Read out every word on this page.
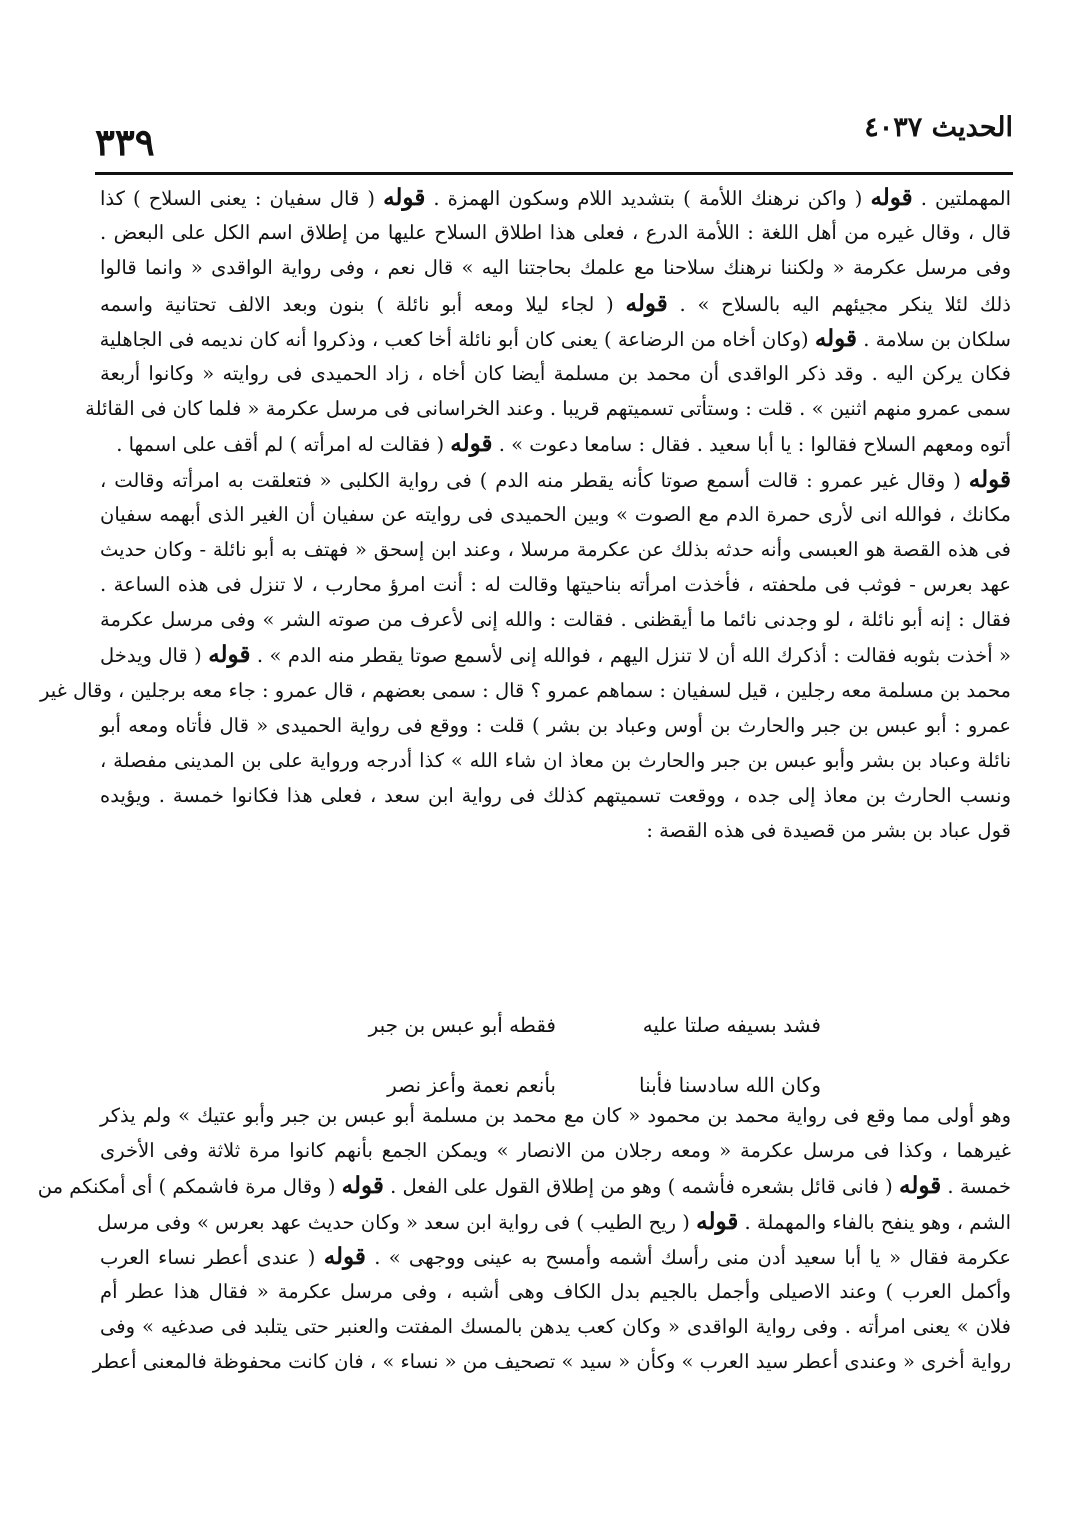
الحديث ٤٠٣٧
٣٣٩
المهملتين . قوله ( واكن نرهنك اللأمة ) بتشديد اللام وسكون الهمزة . قوله ( قال سفيان : يعنى السلاح ) كذا
قال ، وقال غيره من أهل اللغة : اللأمة الدرع ، فعلى هذا اطلاق السلاح عليها من إطلاق اسم الكل على البعض .
وفى مرسل عكرمة « ولكننا نرهنك سلاحنا مع علمك بحاجتنا اليه » قال نعم ، وفى رواية الواقدى « وانما قالوا
ذلك لئلا ينكر مجيئهم اليه بالسلاح » . قوله ( لجاء ليلا ومعه أبو نائلة ) بنون وبعد الالف تحتانية واسمه
سلكان بن سلامة . قوله (وكان أخاه من الرضاعة ) يعنى كان أبو نائلة أخا كعب ، وذكروا أنه كان نديمه فى الجاهلية
فكان يركن اليه . وقد ذكر الواقدى أن محمد بن مسلمة أيضا كان أخاه ، زاد الحميدى فى روايته « وكانوا أربعة
سمى عمرو منهم اثنين » . قلت : وستأتى تسميتهم قريبا . وعند الخراسانى فى مرسل عكرمة « فلما كان فى القائلة
أتوه ومعهم السلاح فقالوا : يا أبا سعيد . فقال : سامعا دعوت » . قوله ( فقالت له امرأته ) لم أقف على اسمها .
قوله ( وقال غير عمرو : قالت أسمع صوتا كأنه يقطر منه الدم ) فى رواية الكلبى « فتعلقت به امرأته وقالت ،
مكانك ، فوالله انى لأرى حمرة الدم مع الصوت » وبين الحميدى فى روايته عن سفيان أن الغير الذى أبهمه سفيان
فى هذه القصة هو العبسى وأنه حدثه بذلك عن عكرمة مرسلا ، وعند ابن إسحق « فهتف به أبو نائلة - وكان حديث
عهد بعرس - فوثب فى ملحفته ، فأخذت امرأته بناحيتها وقالت له : أنت امرؤ محارب ، لا تنزل فى هذه الساعة .
فقال : إنه أبو نائلة ، لو وجدنى نائما ما أيقظنى . فقالت : والله إنى لأعرف من صوته الشر » وفى مرسل عكرمة
« أخذت بثوبه فقالت : أذكرك الله أن لا تنزل اليهم ، فوالله إنى لأسمع صوتا يقطر منه الدم » . قوله ( قال ويدخل
محمد بن مسلمة معه رجلين ، قيل لسفيان : سماهم عمرو ؟ قال : سمى بعضهم ، قال عمرو : جاء معه برجلين ، وقال غير
عمرو : أبو عبس بن جبر والحارث بن أوس وعباد بن بشر ) قلت : ووقع فى رواية الحميدى « قال فأتاه ومعه أبو
نائلة وعباد بن بشر وأبو عبس بن جبر والحارث بن معاذ ان شاء الله » كذا أدرجه ورواية على بن المدينى مفصلة ،
ونسب الحارث بن معاذ إلى جده ، ووقعت تسميتهم كذلك فى رواية ابن سعد ، فعلى هذا فكانوا خمسة . ويؤيده
قول عباد بن بشر من قصيدة فى هذه القصة :
فشد بسيفه صلتا عليه
فقطه أبو عبس بن جبر
وكان الله سادسنا فأبنا
بأنعم نعمة وأعز نصر
وهو أولى مما وقع فى رواية محمد بن محمود « كان مع محمد بن مسلمة أبو عبس بن جبر وأبو عتيك » ولم يذكر
غيرهما ، وكذا فى مرسل عكرمة « ومعه رجلان من الانصار » ويمكن الجمع بأنهم كانوا مرة ثلاثة وفى الأخرى
خمسة . قوله ( فانى قائل بشعره فأشمه ) وهو من إطلاق القول على الفعل . قوله ( وقال مرة فاشمكم ) أى أمكنكم من
الشم ، وهو ينفح بالفاء والمهملة . قوله ( ريح الطيب ) فى رواية ابن سعد « وكان حديث عهد بعرس » وفى مرسل
عكرمة فقال « يا أبا سعيد أدن منى رأسك أشمه وأمسح به عينى ووجهى » . قوله ( عندى أعطر نساء العرب
وأكمل العرب ) وعند الاصيلى وأجمل بالجيم بدل الكاف وهى أشبه ، وفى مرسل عكرمة « فقال هذا عطر أم
فلان » يعنى امرأته . وفى رواية الواقدى « وكان كعب يدهن بالمسك المفتت والعنبر حتى يتلبد فى صدغيه » وفى
رواية أخرى « وعندى أعطر سيد العرب » وكأن « سيد » تصحيف من « نساء » ، فان كانت محفوظة فالمعنى أعطر
